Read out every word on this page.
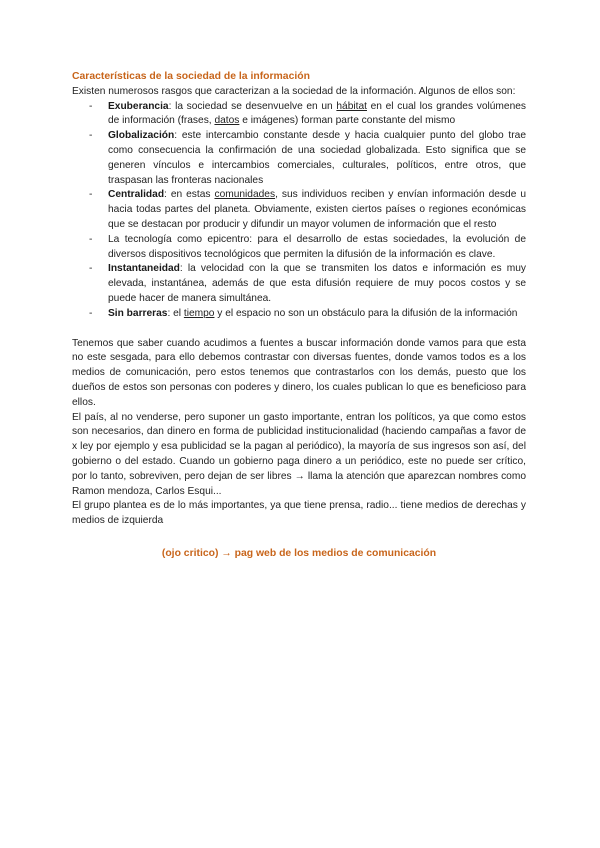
Características de la sociedad de la información

Existen numerosos rasgos que caracterizan a la sociedad de la información. Algunos de ellos son:

- Exuberancia: la sociedad se desenvuelve en un hábitat en el cual los grandes volúmenes de información (frases, datos e imágenes) forman parte constante del mismo
- Globalización: este intercambio constante desde y hacia cualquier punto del globo trae como consecuencia la confirmación de una sociedad globalizada. Esto significa que se generen vínculos e intercambios comerciales, culturales, políticos, entre otros, que traspasan las fronteras nacionales
- Centralidad: en estas comunidades, sus individuos reciben y envían información desde u hacia todas partes del planeta. Obviamente, existen ciertos países o regiones económicas que se destacan por producir y difundir un mayor volumen de información que el resto
- La tecnología como epicentro: para el desarrollo de estas sociedades, la evolución de diversos dispositivos tecnológicos que permiten la difusión de la información es clave.
- Instantaneidad: la velocidad con la que se transmiten los datos e información es muy elevada, instantánea, además de que esta difusión requiere de muy pocos costos y se puede hacer de manera simultánea.
- Sin barreras: el tiempo y el espacio no son un obstáculo para la difusión de la información

Tenemos que saber cuando acudimos a fuentes a buscar información donde vamos para que esta no este sesgada, para ello debemos contrastar con diversas fuentes, donde vamos todos es a los medios de comunicación, pero estos tenemos que contrastarlos con los demás, puesto que los dueños de estos son personas con poderes y dinero, los cuales publican lo que es beneficioso para ellos.

El país, al no venderse, pero suponer un gasto importante, entran los políticos, ya que como estos son necesarios, dan dinero en forma de publicidad institucionalidad (haciendo campañas a favor de x ley por ejemplo y esa publicidad se la pagan al periódico), la mayoría de sus ingresos son así, del gobierno o del estado. Cuando un gobierno paga dinero a un periódico, este no puede ser crítico, por lo tanto, sobreviven, pero dejan de ser libres → llama la atención que aparezcan nombres como Ramon mendoza, Carlos Esqui...

El grupo plantea es de lo más importantes, ya que tiene prensa, radio... tiene medios de derechas y medios de izquierda

(ojo critico) → pag web de los medios de comunicación
